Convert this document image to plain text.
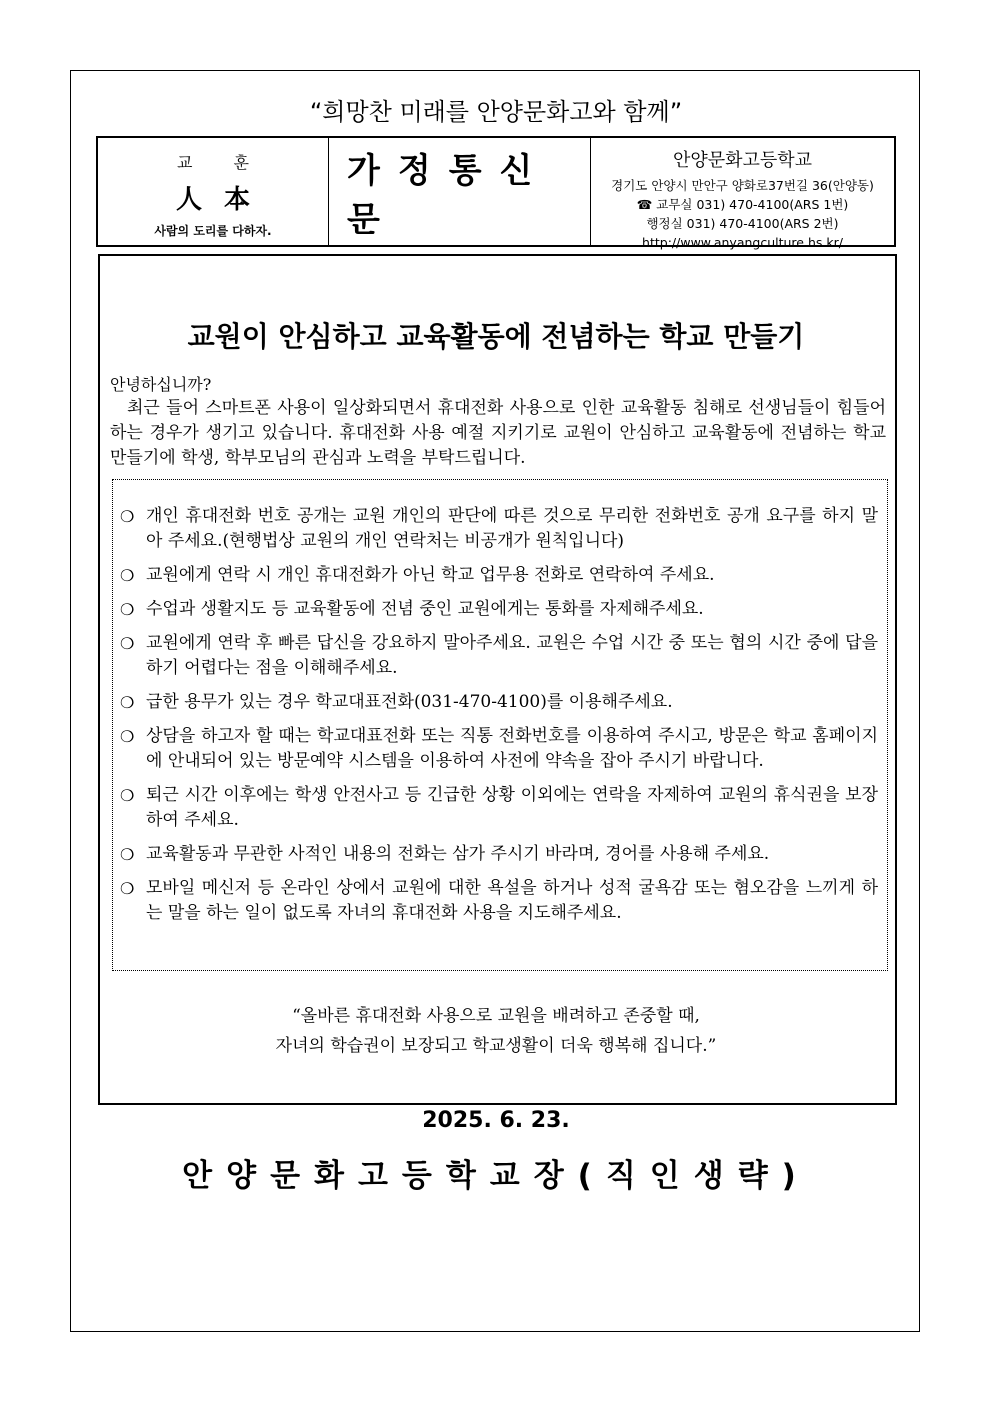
“희망찬 미래를 안양문화고와 함께”
교 훈
人本
사람의 도리를 다하자.
가정통신문
안양문화고등학교
경기도 안양시 만안구 양화로37번길 36(안양동)
☎ 교무실 031) 470-4100(ARS 1번)
행정실 031) 470-4100(ARS 2번)
http://www.anyangculture.hs.kr/
교원이 안심하고 교육활동에 전념하는 학교 만들기
안녕하십니까?
최근 들어 스마트폰 사용이 일상화되면서 휴대전화 사용으로 인한 교육활동 침해로 선생님들이 힘들어하는 경우가 생기고 있습니다. 휴대전화 사용 예절 지키기로 교원이 안심하고 교육활동에 전념하는 학교 만들기에 학생, 학부모님의 관심과 노력을 부탁드립니다.
❍ 개인 휴대전화 번호 공개는 교원 개인의 판단에 따른 것으로 무리한 전화번호 공개 요구를 하지 말아 주세요.(현행법상 교원의 개인 연락처는 비공개가 원칙입니다)
❍ 교원에게 연락 시 개인 휴대전화가 아닌 학교 업무용 전화로 연락하여 주세요.
❍ 수업과 생활지도 등 교육활동에 전념 중인 교원에게는 통화를 자제해주세요.
❍ 교원에게 연락 후 빠른 답신을 강요하지 말아주세요. 교원은 수업 시간 중 또는 협의 시간 중에 답을 하기 어렵다는 점을 이해해주세요.
❍ 급한 용무가 있는 경우 학교대표전화(031-470-4100)를 이용해주세요.
❍ 상담을 하고자 할 때는 학교대표전화 또는 직통 전화번호를 이용하여 주시고, 방문은 학교 홈페이지에 안내되어 있는 방문예약 시스템을 이용하여 사전에 약속을 잡아 주시기 바랍니다.
❍ 퇴근 시간 이후에는 학생 안전사고 등 긴급한 상황 이외에는 연락을 자제하여 교원의 휴식권을 보장하여 주세요.
❍ 교육활동과 무관한 사적인 내용의 전화는 삼가 주시기 바라며, 경어를 사용해 주세요.
❍ 모바일 메신저 등 온라인 상에서 교원에 대한 욕설을 하거나 성적 굴욕감 또는 혐오감을 느끼게 하는 말을 하는 일이 없도록 자녀의 휴대전화 사용을 지도해주세요.
“올바른 휴대전화 사용으로 교원을 배려하고 존중할 때,
자녀의 학습권이 보장되고 학교생활이 더욱 행복해 집니다.”
2025. 6. 23.
안양문화고등학교장(직인생략)
